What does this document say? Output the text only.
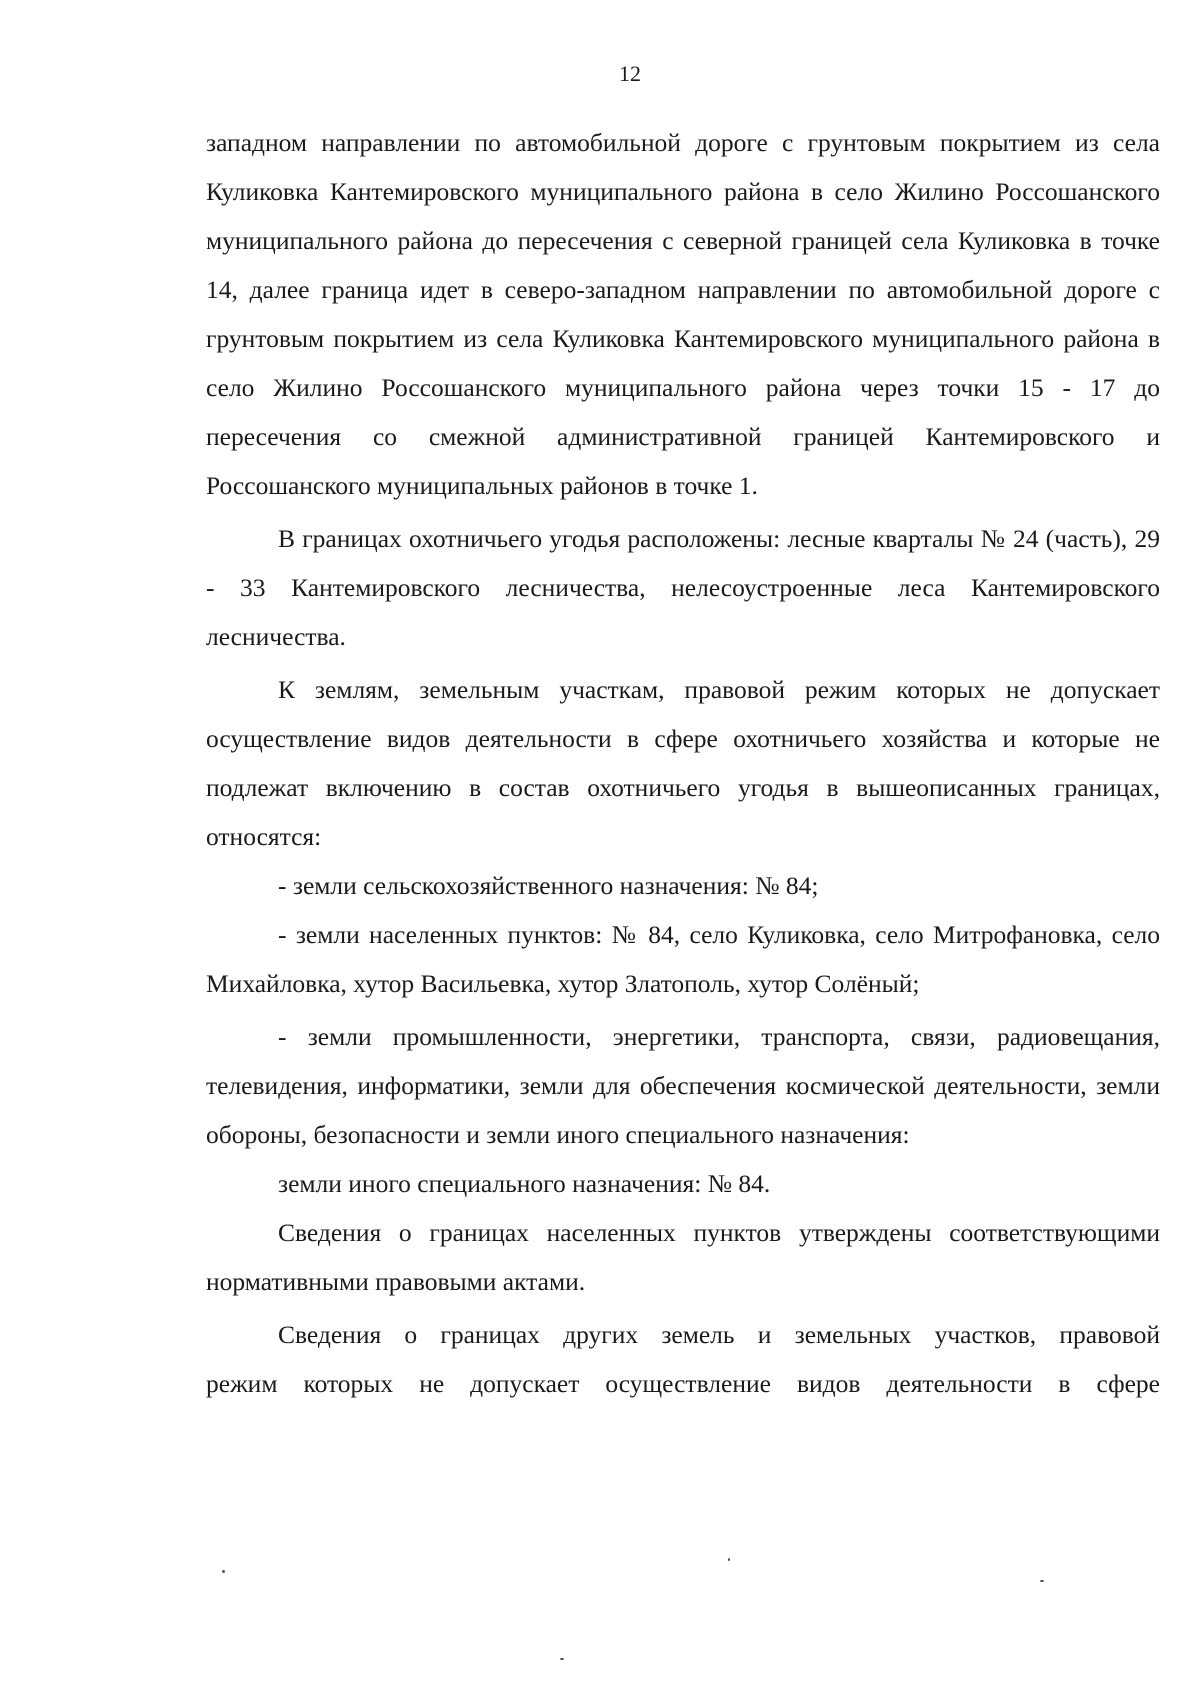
12

западном направлении по автомобильной дороге с грунтовым покрытием из села Куликовка Кантемировского муниципального района в село Жилино Россошанского муниципального района до пересечения с северной границей села Куликовка в точке 14, далее граница идет в северо-западном направлении по автомобильной дороге с грунтовым покрытием из села Куликовка Кантемировского муниципального района в село Жилино Россошанского муниципального района через точки 15 - 17 до пересечения со смежной административной границей Кантемировского и Россошанского муниципальных районов в точке 1.

В границах охотничьего угодья расположены: лесные кварталы № 24 (часть), 29 - 33 Кантемировского лесничества, нелесоустроенные леса Кантемировского лесничества.

К землям, земельным участкам, правовой режим которых не допускает осуществление видов деятельности в сфере охотничьего хозяйства и которые не подлежат включению в состав охотничьего угодья в вышеописанных границах, относятся:

- земли сельскохозяйственного назначения: № 84;

- земли населенных пунктов: № 84, село Куликовка, село Митрофановка, село Михайловка, хутор Васильевка, хутор Златополь, хутор Солёный;

- земли промышленности, энергетики, транспорта, связи, радиовещания, телевидения, информатики, земли для обеспечения космической деятельности, земли обороны, безопасности и земли иного специального назначения:

земли иного специального назначения: № 84.

Сведения о границах населенных пунктов утверждены соответствующими нормативными правовыми актами.

Сведения о границах других земель и земельных участков, правовой

режим которых не допускает осуществление видов деятельности в сфере
